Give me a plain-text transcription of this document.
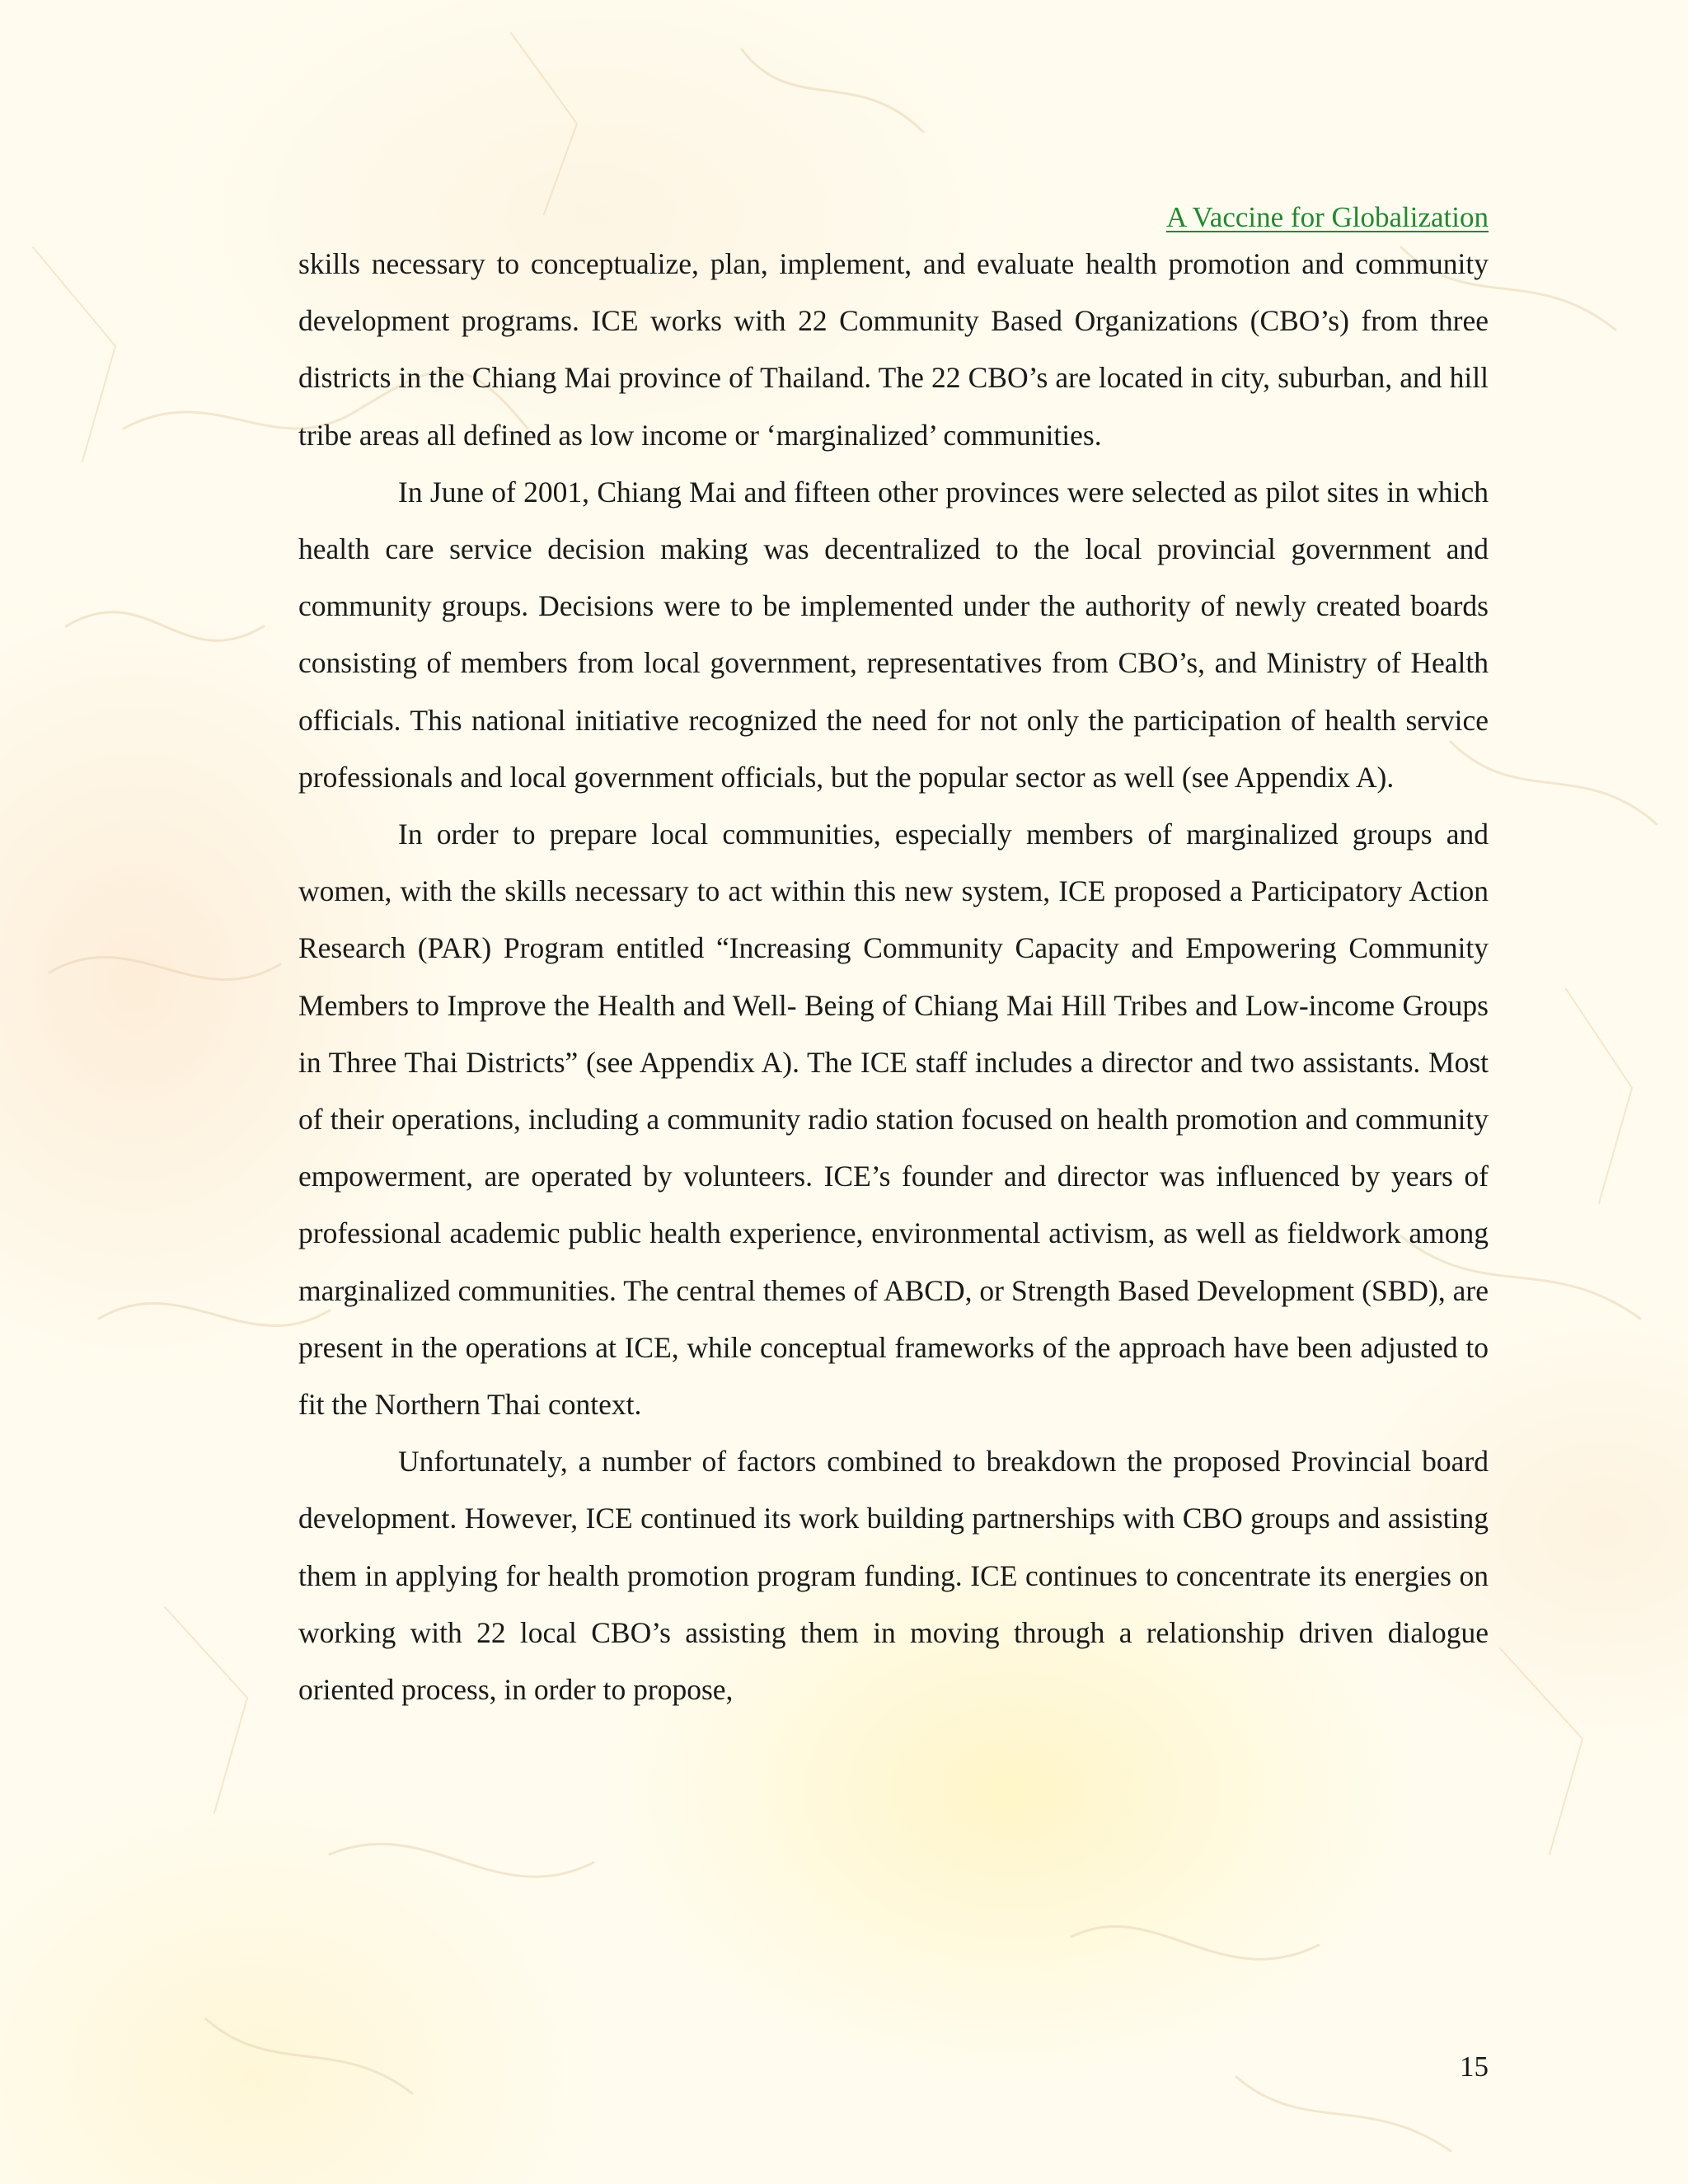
A Vaccine for Globalization

skills necessary to conceptualize, plan, implement, and evaluate health promotion and community development programs. ICE works with 22 Community Based Organizations (CBO’s) from three districts in the Chiang Mai province of Thailand. The 22 CBO’s are located in city, suburban, and hill tribe areas all defined as low income or ‘marginalized’ communities.

In June of 2001, Chiang Mai and fifteen other provinces were selected as pilot sites in which health care service decision making was decentralized to the local provincial government and community groups. Decisions were to be implemented under the authority of newly created boards consisting of members from local government, representatives from CBO’s, and Ministry of Health officials. This national initiative recognized the need for not only the participation of health service professionals and local government officials, but the popular sector as well (see Appendix A).

In order to prepare local communities, especially members of marginalized groups and women, with the skills necessary to act within this new system, ICE proposed a Participatory Action Research (PAR) Program entitled “Increasing Community Capacity and Empowering Community Members to Improve the Health and Well- Being of Chiang Mai Hill Tribes and Low-income Groups in Three Thai Districts” (see Appendix A). The ICE staff includes a director and two assistants. Most of their operations, including a community radio station focused on health promotion and community empowerment, are operated by volunteers. ICE’s founder and director was influenced by years of professional academic public health experience, environmental activism, as well as fieldwork among marginalized communities. The central themes of ABCD, or Strength Based Development (SBD), are present in the operations at ICE, while conceptual frameworks of the approach have been adjusted to fit the Northern Thai context.

Unfortunately, a number of factors combined to breakdown the proposed Provincial board development. However, ICE continued its work building partnerships with CBO groups and assisting them in applying for health promotion program funding. ICE continues to concentrate its energies on working with 22 local CBO’s assisting them in moving through a relationship driven dialogue oriented process, in order to propose,

15
